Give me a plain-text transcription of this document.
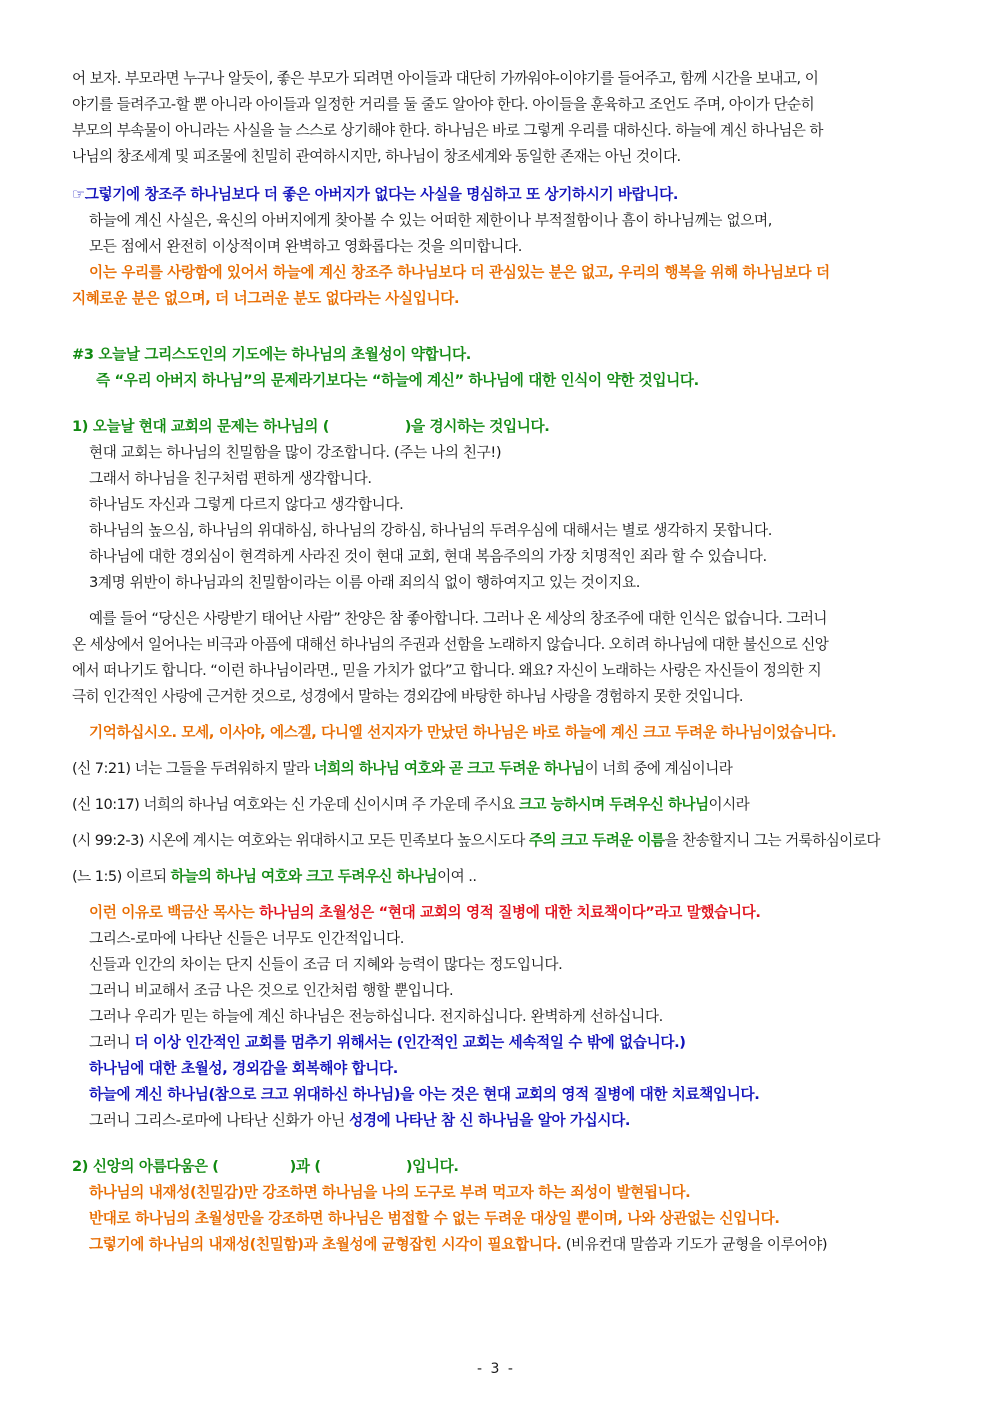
어 보자. 부모라면 누구나 알듯이, 좋은 부모가 되려면 아이들과 대단히 가까워야-이야기를 들어주고, 함께 시간을 보내고, 이
야기를 들려주고-할 뿐 아니라 아이들과 일정한 거리를 둘 줄도 알아야 한다. 아이들을 훈육하고 조언도 주며, 아이가 단순히
부모의 부속물이 아니라는 사실을 늘 스스로 상기해야 한다. 하나님은 바로 그렇게 우리를 대하신다. 하늘에 계신 하나님은 하
나님의 창조세계 및 피조물에 친밀히 관여하시지만, 하나님이 창조세계와 동일한 존재는 아닌 것이다.
☞그렇기에 창조주 하나님보다 더 좋은 아버지가 없다는 사실을 명심하고 또 상기하시기 바랍니다.
하늘에 계신 사실은, 육신의 아버지에게 찾아볼 수 있는 어떠한 제한이나 부적절함이나 흠이 하나님께는 없으며,
모든 점에서 완전히 이상적이며 완벽하고 영화롭다는 것을 의미합니다.
이는 우리를 사랑함에 있어서 하늘에 계신 창조주 하나님보다 더 관심있는 분은 없고, 우리의 행복을 위해 하나님보다 더
지혜로운 분은 없으며, 더 너그러운 분도 없다라는 사실입니다.
#3 오늘날 그리스도인의 기도에는 하나님의 초월성이 약합니다.
즉 “우리 아버지 하나님”의 문제라기보다는 “하늘에 계신” 하나님에 대한 인식이 약한 것입니다.
1) 오늘날 현대 교회의 문제는 하나님의 (                )을 경시하는 것입니다.
현대 교회는 하나님의 친밀함을 많이 강조합니다. (주는 나의 친구!)
그래서 하나님을 친구처럼 편하게 생각합니다.
하나님도 자신과 그렇게 다르지 않다고 생각합니다.
하나님의 높으심, 하나님의 위대하심, 하나님의 강하심, 하나님의 두려우심에 대해서는 별로 생각하지 못합니다.
하나님에 대한 경외심이 현격하게 사라진 것이 현대 교회, 현대 복음주의의 가장 치명적인 죄라 할 수 있습니다.
3계명 위반이 하나님과의 친밀함이라는 이름 아래 죄의식 없이 행하여지고 있는 것이지요.
예를 들어 “당신은 사랑받기 태어난 사람” 찬양은 참 좋아합니다. 그러나 온 세상의 창조주에 대한 인식은 없습니다. 그러니
온 세상에서 일어나는 비극과 아픔에 대해선 하나님의 주권과 선함을 노래하지 않습니다. 오히려 하나님에 대한 불신으로 신앙
에서 떠나기도 합니다. “이런 하나님이라면., 믿을 가치가 없다”고 합니다. 왜요? 자신이 노래하는 사랑은 자신들이 정의한 지
극히 인간적인 사랑에 근거한 것으로, 성경에서 말하는 경외감에 바탕한 하나님 사랑을 경험하지 못한 것입니다.
기억하십시오. 모세, 이사야, 에스겔, 다니엘 선지자가 만났던 하나님은 바로 하늘에 계신 크고 두려운 하나님이었습니다.
(신 7:21) 너는 그들을 두려워하지 말라 너희의 하나님 여호와 곧 크고 두려운 하나님이 너희 중에 계심이니라
(신 10:17) 너희의 하나님 여호와는 신 가운데 신이시며 주 가운데 주시요 크고 능하시며 두려우신 하나님이시라
(시 99:2-3) 시온에 계시는 여호와는 위대하시고 모든 민족보다 높으시도다 주의 크고 두려운 이름을 찬송할지니 그는 거룩하심이로다
(느 1:5) 이르되 하늘의 하나님 여호와 크고 두려우신 하나님이여 ..
이런 이유로 백금산 목사는 하나님의 초월성은 “현대 교회의 영적 질병에 대한 치료책이다”라고 말했습니다.
그리스-로마에 나타난 신들은 너무도 인간적입니다.
신들과 인간의 차이는 단지 신들이 조금 더 지혜와 능력이 많다는 정도입니다.
그러니 비교해서 조금 나은 것으로 인간처럼 행할 뿐입니다.
그러나 우리가 믿는 하늘에 계신 하나님은 전능하십니다. 전지하십니다. 완벽하게 선하십니다.
그러니 더 이상 인간적인 교회를 멈추기 위해서는 (인간적인 교회는 세속적일 수 밖에 없습니다.)
하나님에 대한 초월성, 경외감을 회복해야 합니다.
하늘에 계신 하나님(참으로 크고 위대하신 하나님)을 아는 것은 현대 교회의 영적 질병에 대한 치료책입니다.
그러니 그리스-로마에 나타난 신화가 아닌 성경에 나타난 참 신 하나님을 알아 가십시다.
2) 신앙의 아름다움은 (               )과 (                  )입니다.
하나님의 내재성(친밀감)만 강조하면 하나님을 나의 도구로 부려 먹고자 하는 죄성이 발현됩니다.
반대로 하나님의 초월성만을 강조하면 하나님은 범접할 수 없는 두려운 대상일 뿐이며, 나와 상관없는 신입니다.
그렇기에 하나님의 내재성(친밀함)과 초월성에 균형잡힌 시각이 필요합니다. (비유컨대 말씀과 기도가 균형을 이루어야)
- 3 -
